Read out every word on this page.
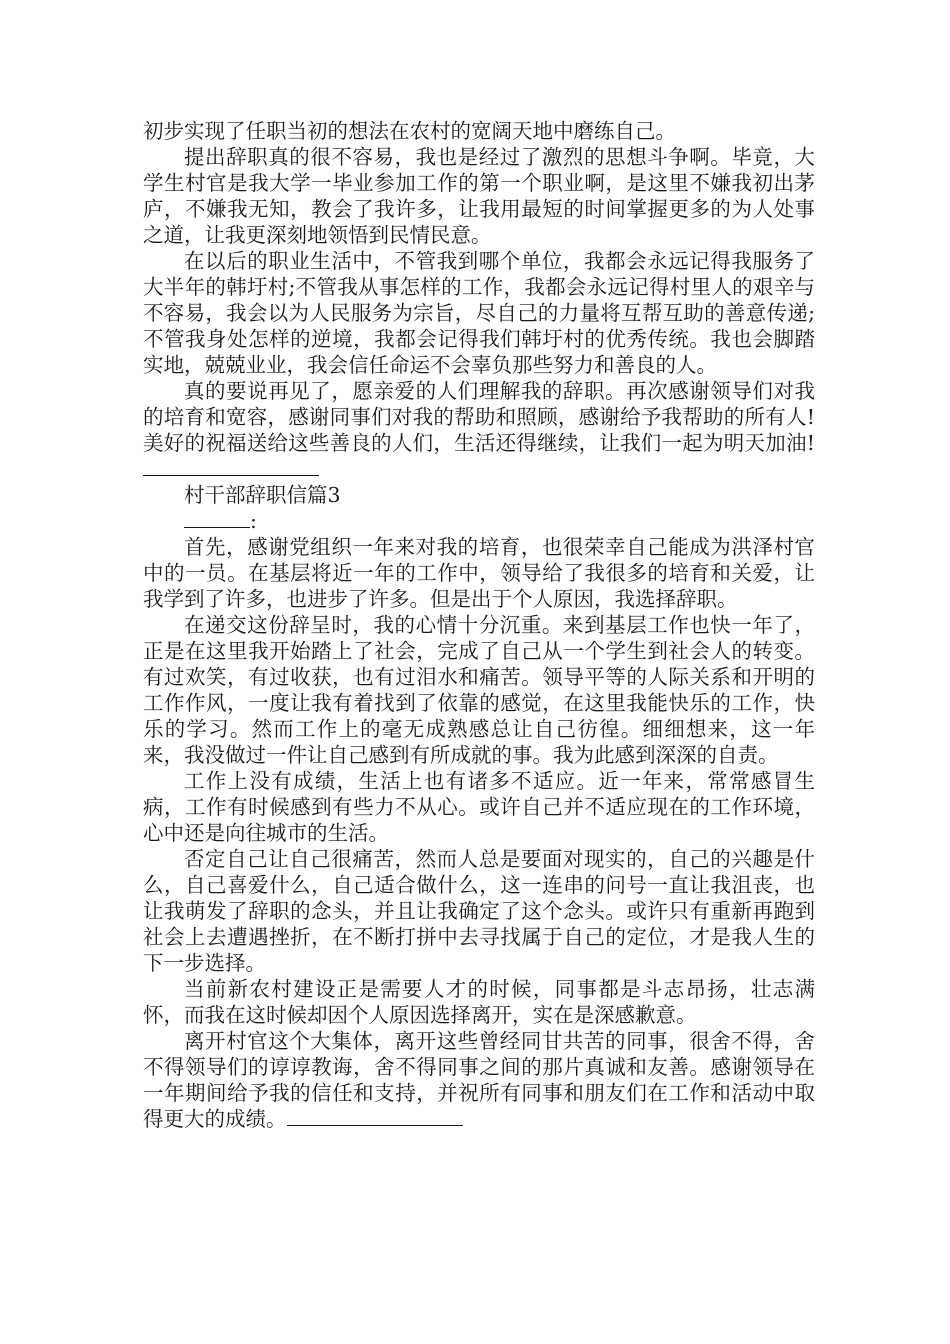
初步实现了任职当初的想法在农村的宽阔天地中磨练自己。

提出辞职真的很不容易，我也是经过了激烈的思想斗争啊。毕竟，大学生村官是我大学一毕业参加工作的第一个职业啊，是这里不嫌我初出茅庐，不嫌我无知，教会了我许多，让我用最短的时间掌握更多的为人处事之道，让我更深刻地领悟到民情民意。

在以后的职业生活中，不管我到哪个单位，我都会永远记得我服务了大半年的韩圩村;不管我从事怎样的工作，我都会永远记得村里人的艰辛与不容易，我会以为人民服务为宗旨，尽自己的力量将互帮互助的善意传递;不管我身处怎样的逆境，我都会记得我们韩圩村的优秀传统。我也会脚踏实地，兢兢业业，我会信任命运不会辜负那些努力和善良的人。

真的要说再见了，愿亲爱的人们理解我的辞职。再次感谢领导们对我的培育和宽容，感谢同事们对我的帮助和照顾，感谢给予我帮助的所有人!美好的祝福送给这些善良的人们，生活还得继续，让我们一起为明天加油!

村干部辞职信篇3

:

首先，感谢党组织一年来对我的培育，也很荣幸自己能成为洪泽村官中的一员。在基层将近一年的工作中，领导给了我很多的培育和关爱，让我学到了许多，也进步了许多。但是出于个人原因，我选择辞职。

在递交这份辞呈时，我的心情十分沉重。来到基层工作也快一年了，正是在这里我开始踏上了社会，完成了自己从一个学生到社会人的转变。有过欢笑，有过收获，也有过泪水和痛苦。领导平等的人际关系和开明的工作作风，一度让我有着找到了依靠的感觉，在这里我能快乐的工作，快乐的学习。然而工作上的毫无成熟感总让自己彷徨。细细想来，这一年来，我没做过一件让自己感到有所成就的事。我为此感到深深的自责。

工作上没有成绩，生活上也有诸多不适应。近一年来，常常感冒生病，工作有时候感到有些力不从心。或许自己并不适应现在的工作环境，心中还是向往城市的生活。

否定自己让自己很痛苦，然而人总是要面对现实的，自己的兴趣是什么，自己喜爱什么，自己适合做什么，这一连串的问号一直让我沮丧，也让我萌发了辞职的念头，并且让我确定了这个念头。或许只有重新再跑到社会上去遭遇挫折，在不断打拼中去寻找属于自己的定位，才是我人生的下一步选择。

当前新农村建设正是需要人才的时候，同事都是斗志昂扬，壮志满怀，而我在这时候却因个人原因选择离开，实在是深感歉意。

离开村官这个大集体，离开这些曾经同甘共苦的同事，很舍不得，舍不得领导们的谆谆教诲，舍不得同事之间的那片真诚和友善。感谢领导在一年期间给予我的信任和支持，并祝所有同事和朋友们在工作和活动中取得更大的成绩。
